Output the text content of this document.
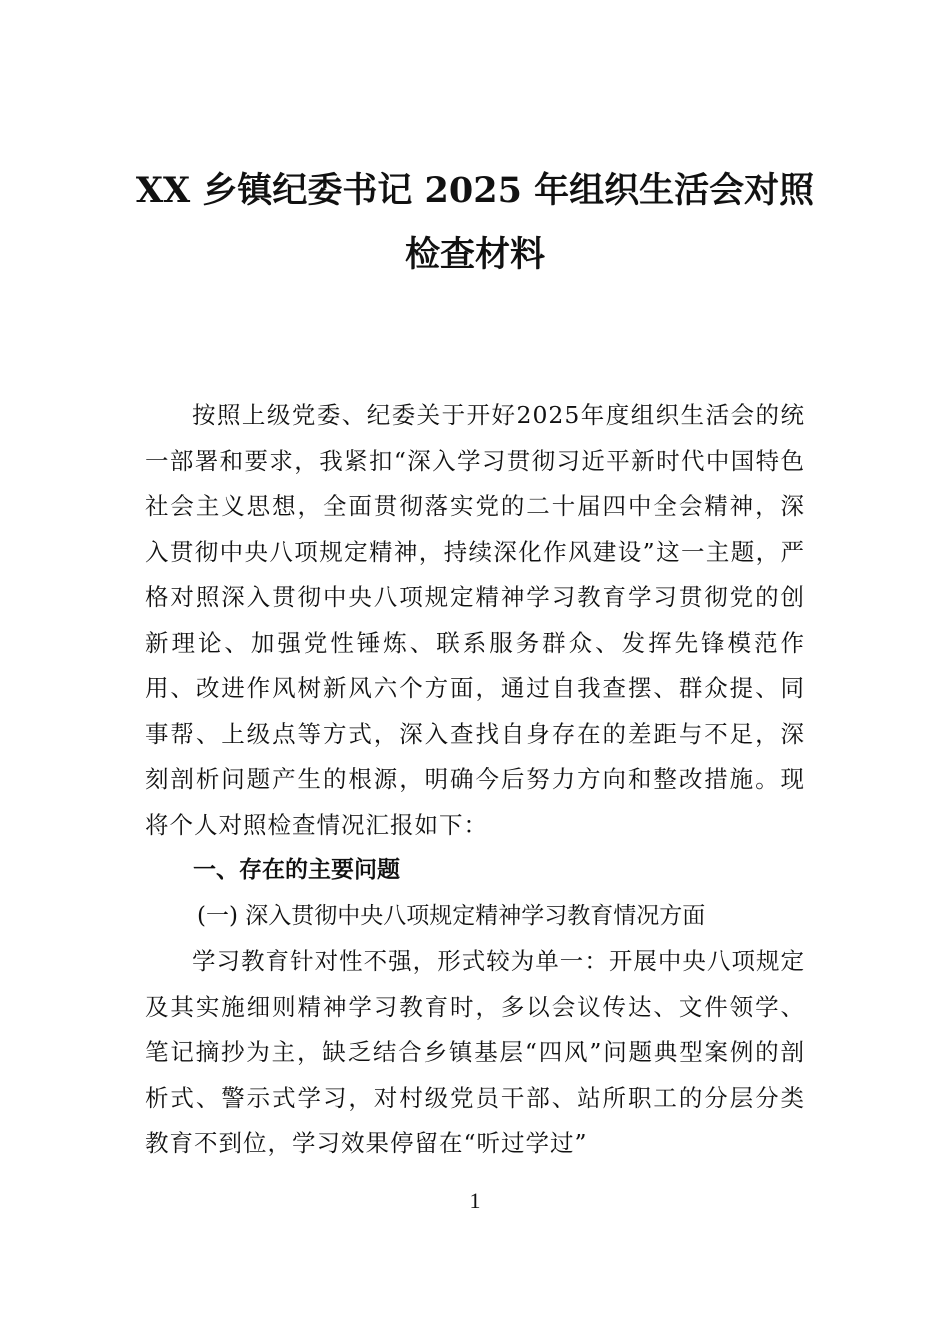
XX 乡镇纪委书记 2025 年组织生活会对照
检查材料

按照上级党委、纪委关于开好2025年度组织生活会的统一部署和要求，我紧扣“深入学习贯彻习近平新时代中国特色社会主义思想，全面贯彻落实党的二十届四中全会精神，深入贯彻中央八项规定精神，持续深化作风建设”这一主题，严格对照深入贯彻中央八项规定精神学习教育学习贯彻党的创新理论、加强党性锤炼、联系服务群众、发挥先锋模范作用、改进作风树新风六个方面，通过自我查摆、群众提、同事帮、上级点等方式，深入查找自身存在的差距与不足，深刻剖析问题产生的根源，明确今后努力方向和整改措施。现将个人对照检查情况汇报如下：

一、存在的主要问题

(一) 深入贯彻中央八项规定精神学习教育情况方面

学习教育针对性不强，形式较为单一：开展中央八项规定及其实施细则精神学习教育时，多以会议传达、文件领学、笔记摘抄为主，缺乏结合乡镇基层“四风”问题典型案例的剖析式、警示式学习，对村级党员干部、站所职工的分层分类教育不到位，学习效果停留在“听过学过”

1
